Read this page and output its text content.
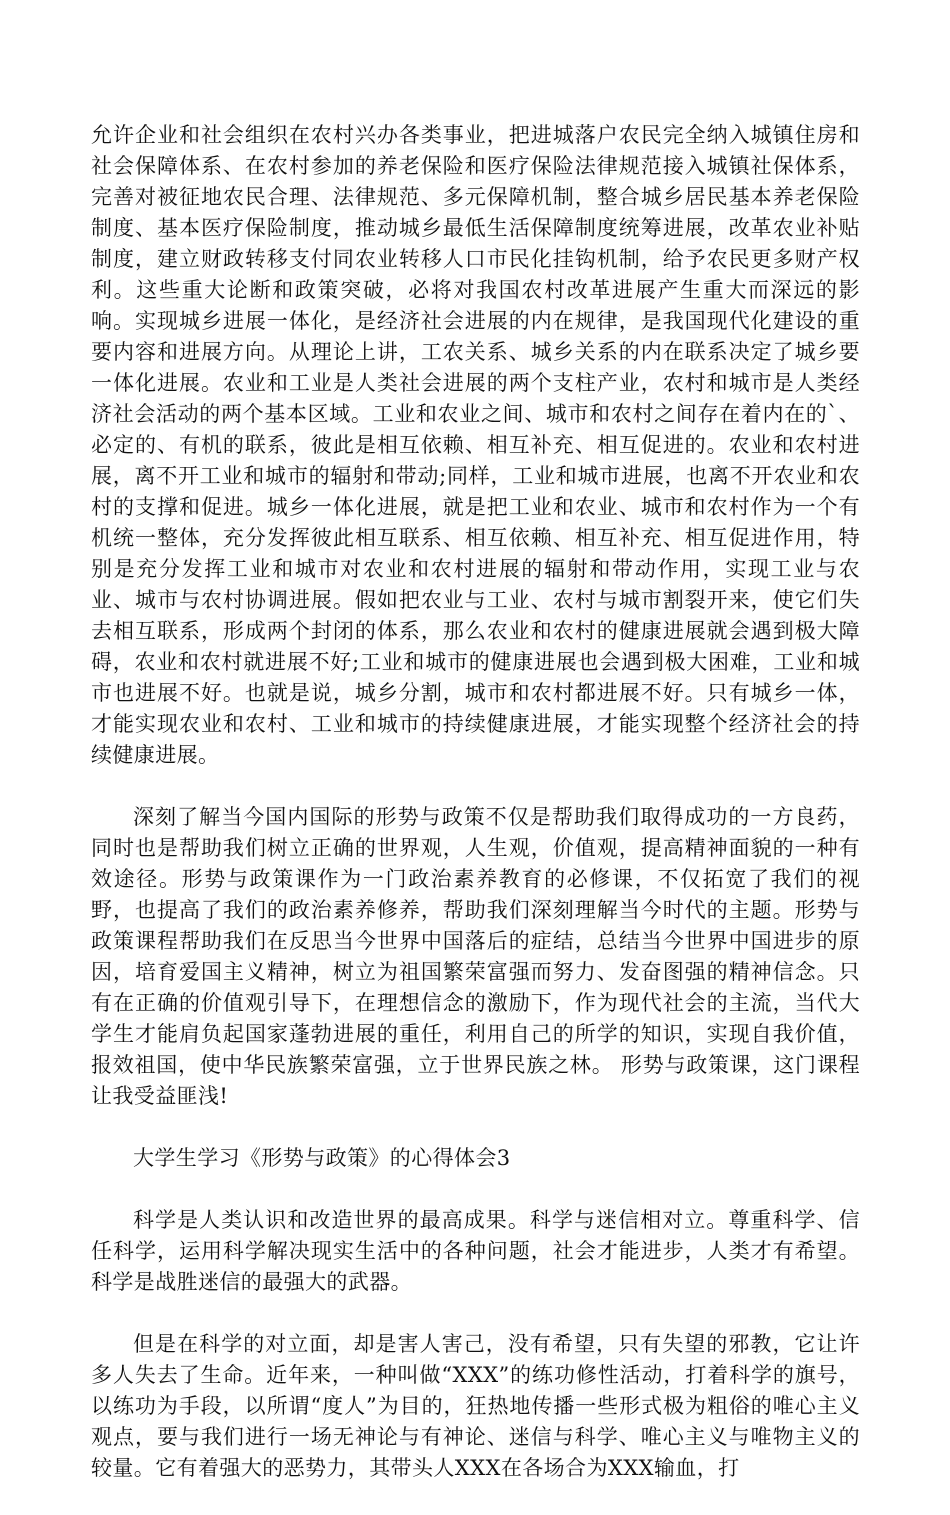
允许企业和社会组织在农村兴办各类事业，把进城落户农民完全纳入城镇住房和社会保障体系、在农村参加的养老保险和医疗保险法律规范接入城镇社保体系，完善对被征地农民合理、法律规范、多元保障机制，整合城乡居民基本养老保险制度、基本医疗保险制度，推动城乡最低生活保障制度统筹进展，改革农业补贴制度，建立财政转移支付同农业转移人口市民化挂钩机制，给予农民更多财产权利。这些重大论断和政策突破，必将对我国农村改革进展产生重大而深远的影响。实现城乡进展一体化，是经济社会进展的内在规律，是我国现代化建设的重要内容和进展方向。从理论上讲，工农关系、城乡关系的内在联系决定了城乡要一体化进展。农业和工业是人类社会进展的两个支柱产业，农村和城市是人类经济社会活动的两个基本区域。工业和农业之间、城市和农村之间存在着内在的`、必定的、有机的联系，彼此是相互依赖、相互补充、相互促进的。农业和农村进展，离不开工业和城市的辐射和带动;同样，工业和城市进展，也离不开农业和农村的支撑和促进。城乡一体化进展，就是把工业和农业、城市和农村作为一个有机统一整体，充分发挥彼此相互联系、相互依赖、相互补充、相互促进作用，特别是充分发挥工业和城市对农业和农村进展的辐射和带动作用，实现工业与农业、城市与农村协调进展。假如把农业与工业、农村与城市割裂开来，使它们失去相互联系，形成两个封闭的体系，那么农业和农村的健康进展就会遇到极大障碍，农业和农村就进展不好;工业和城市的健康进展也会遇到极大困难，工业和城市也进展不好。也就是说，城乡分割，城市和农村都进展不好。只有城乡一体，才能实现农业和农村、工业和城市的持续健康进展，才能实现整个经济社会的持续健康进展。

深刻了解当今国内国际的形势与政策不仅是帮助我们取得成功的一方良药，同时也是帮助我们树立正确的世界观，人生观，价值观，提高精神面貌的一种有效途径。形势与政策课作为一门政治素养教育的必修课，不仅拓宽了我们的视野，也提高了我们的政治素养修养，帮助我们深刻理解当今时代的主题。形势与政策课程帮助我们在反思当今世界中国落后的症结，总结当今世界中国进步的原因，培育爱国主义精神，树立为祖国繁荣富强而努力、发奋图强的精神信念。只有在正确的价值观引导下，在理想信念的激励下，作为现代社会的主流，当代大学生才能肩负起国家蓬勃进展的重任，利用自己的所学的知识，实现自我价值，报效祖国，使中华民族繁荣富强，立于世界民族之林。 形势与政策课，这门课程让我受益匪浅!

大学生学习《形势与政策》的心得体会3

科学是人类认识和改造世界的最高成果。科学与迷信相对立。尊重科学、信任科学，运用科学解决现实生活中的各种问题，社会才能进步，人类才有希望。科学是战胜迷信的最强大的武器。

但是在科学的对立面，却是害人害己，没有希望，只有失望的邪教，它让许多人失去了生命。近年来，一种叫做“XXX”的练功修性活动，打着科学的旗号，以练功为手段，以所谓“度人”为目的，狂热地传播一些形式极为粗俗的唯心主义观点，要与我们进行一场无神论与有神论、迷信与科学、唯心主义与唯物主义的较量。它有着强大的恶势力，其带头人XXX在各场合为XXX输血，打
